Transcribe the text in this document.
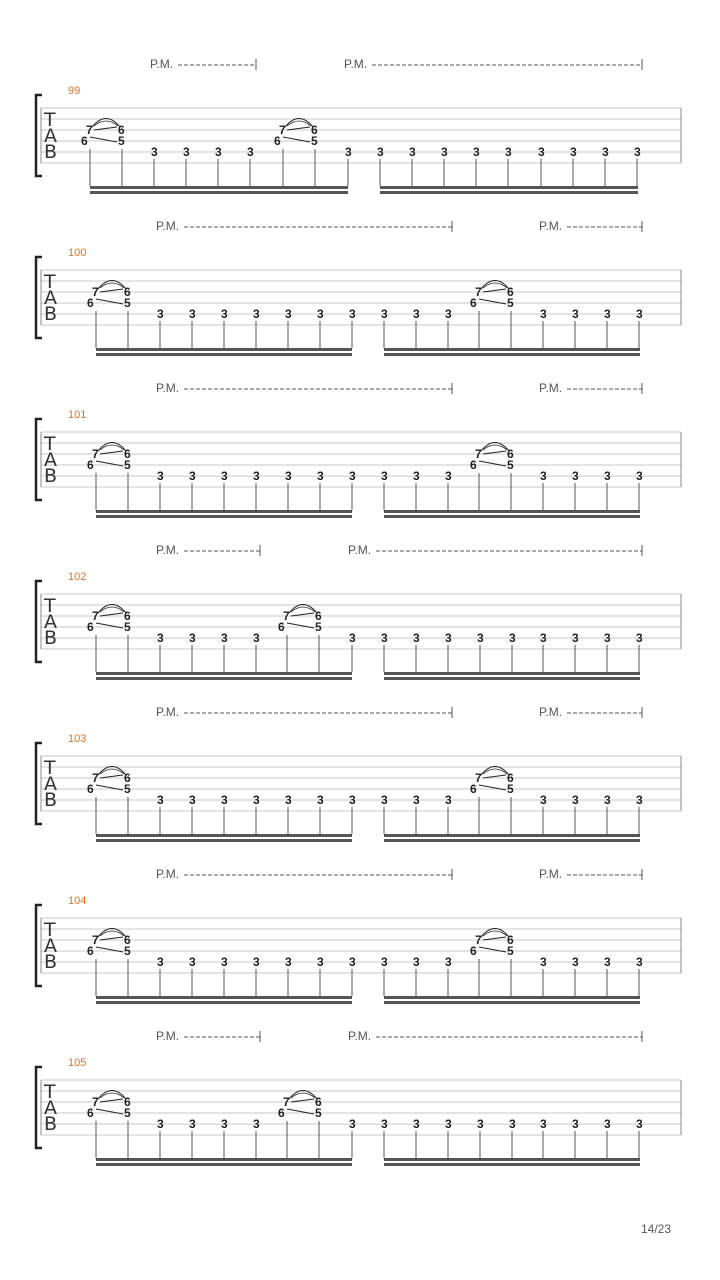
P.M.	P.M.
99
T
A
B
7 6
6	5
7 6
6	5
3 3 3 3	3 3 3 3 3 3 3 3 3 3
P.M.	P.M.
100
T
A
B
7 6
6	5
7 6
6	5
3 3 3 3 3 3 3 3 3 3	3 3 3 3
P.M.	P.M.
101
T
A
B
7 6
6	5
7 6
6	5
3 3 3 3 3 3 3 3 3 3	3 3 3 3
P.M.	P.M.
102
T
A
B
7 6
6	5
7 6
6	5
3 3 3 3	3 3 3 3 3 3 3 3 3 3
P.M.	P.M.
103
T
A
B
7 6
6	5
7 6
6	5
3 3 3 3 3 3 3 3 3 3	3 3 3 3
P.M.	P.M.
104
T
A
B
7 6
6	5
7 6
6	5
3 3 3 3 3 3 3 3 3 3	3 3 3 3
P.M.	P.M.
105
T
A
B
7 6
6	5
7 6
6	5
3 3 3 3	3 3 3 3 3 3 3 3 3 3
14/23
